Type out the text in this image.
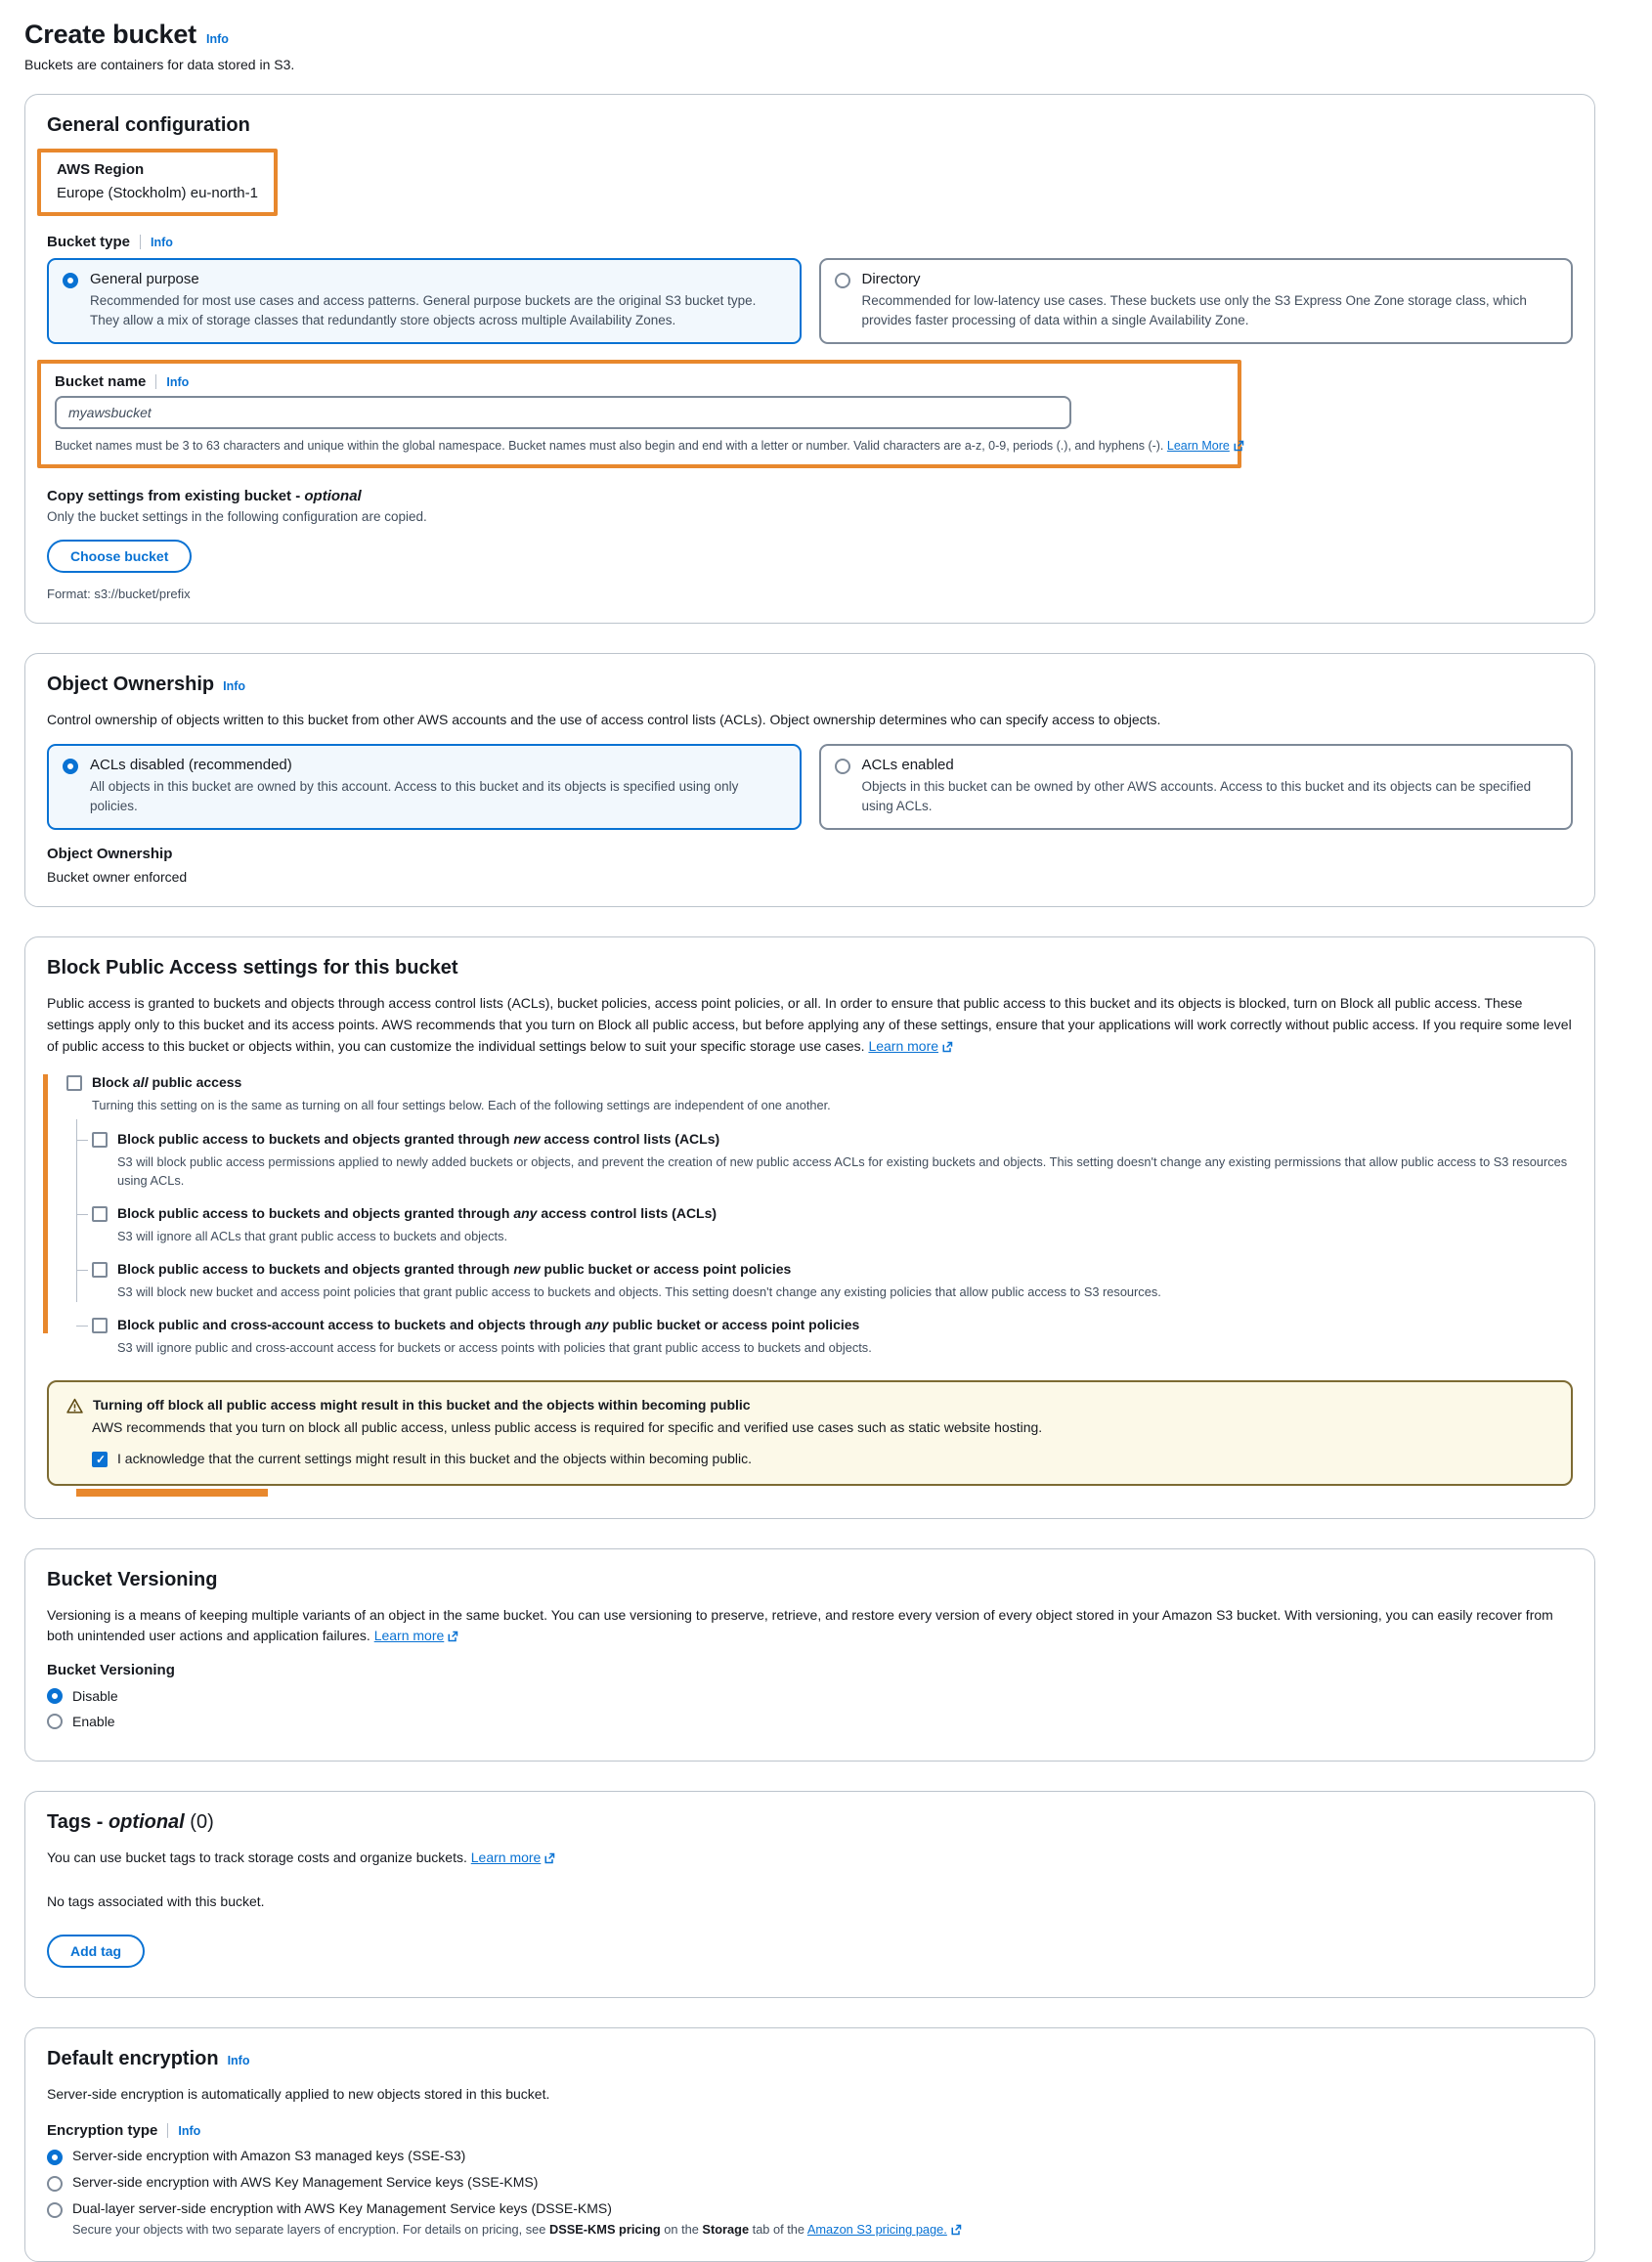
Create bucket Info

Buckets are containers for data stored in S3.

General configuration
AWS Region
Europe (Stockholm) eu-north-1
Bucket type Info
General purpose
Recommended for most use cases and access patterns. General purpose buckets are the original S3 bucket type. They allow a mix of storage classes that redundantly store objects across multiple Availability Zones.
Directory
Recommended for low-latency use cases. These buckets use only the S3 Express One Zone storage class, which provides faster processing of data within a single Availability Zone.
Bucket name Info
myawsbucket
Bucket names must be 3 to 63 characters and unique within the global namespace. Bucket names must also begin and end with a letter or number. Valid characters are a-z, 0-9, periods (.), and hyphens (-). Learn More
Copy settings from existing bucket - optional

Only the bucket settings in the following configuration are copied.

Choose bucket

Format: s3://bucket/prefix

Object Ownership Info

Control ownership of objects written to this bucket from other AWS accounts and the use of access control lists (ACLs). Object ownership determines who can specify access to objects.

ACLs disabled (recommended)
All objects in this bucket are owned by this account. Access to this bucket and its objects is specified using only policies.
ACLs enabled
Objects in this bucket can be owned by other AWS accounts. Access to this bucket and its objects can be specified using ACLs.
Object Ownership
Bucket owner enforced
Block Public Access settings for this bucket

Public access is granted to buckets and objects through access control lists (ACLs), bucket policies, access point policies, or all. In order to ensure that public access to this bucket and its objects is blocked, turn on Block all public access. These settings apply only to this bucket and its access points. AWS recommends that you turn on Block all public access, but before applying any of these settings, ensure that your applications will work correctly without public access. If you require some level of public access to this bucket or objects within, you can customize the individual settings below to suit your specific storage use cases. Learn more

Block all public access

Turning this setting on is the same as turning on all four settings below. Each of the following settings are independent of one another.

Block public access to buckets and objects granted through new access control lists (ACLs)

S3 will block public access permissions applied to newly added buckets or objects, and prevent the creation of new public access ACLs for existing buckets and objects. This setting doesn't change any existing permissions that allow public access to S3 resources using ACLs.

Block public access to buckets and objects granted through any access control lists (ACLs)

S3 will ignore all ACLs that grant public access to buckets and objects.

Block public access to buckets and objects granted through new public bucket or access point policies

S3 will block new bucket and access point policies that grant public access to buckets and objects. This setting doesn't change any existing policies that allow public access to S3 resources.

Block public and cross-account access to buckets and objects through any public bucket or access point policies

S3 will ignore public and cross-account access for buckets or access points with policies that grant public access to buckets and objects.

Turning off block all public access might result in this bucket and the objects within becoming public
AWS recommends that you turn on block all public access, unless public access is required for specific and verified use cases such as static website hosting.
✓
I acknowledge that the current settings might result in this bucket and the objects within becoming public.
Bucket Versioning

Versioning is a means of keeping multiple variants of an object in the same bucket. You can use versioning to preserve, retrieve, and restore every version of every object stored in your Amazon S3 bucket. With versioning, you can easily recover from both unintended user actions and application failures. Learn more

Bucket Versioning
Disable
Enable
Tags - optional (0)

You can use bucket tags to track storage costs and organize buckets. Learn more

No tags associated with this bucket.

Add tag
Default encryption Info

Server-side encryption is automatically applied to new objects stored in this bucket.

Encryption type Info
Server-side encryption with Amazon S3 managed keys (SSE-S3)
Server-side encryption with AWS Key Management Service keys (SSE-KMS)
Dual-layer server-side encryption with AWS Key Management Service keys (DSSE-KMS)

Secure your objects with two separate layers of encryption. For details on pricing, see DSSE-KMS pricing on the Storage tab of the Amazon S3 pricing page.
